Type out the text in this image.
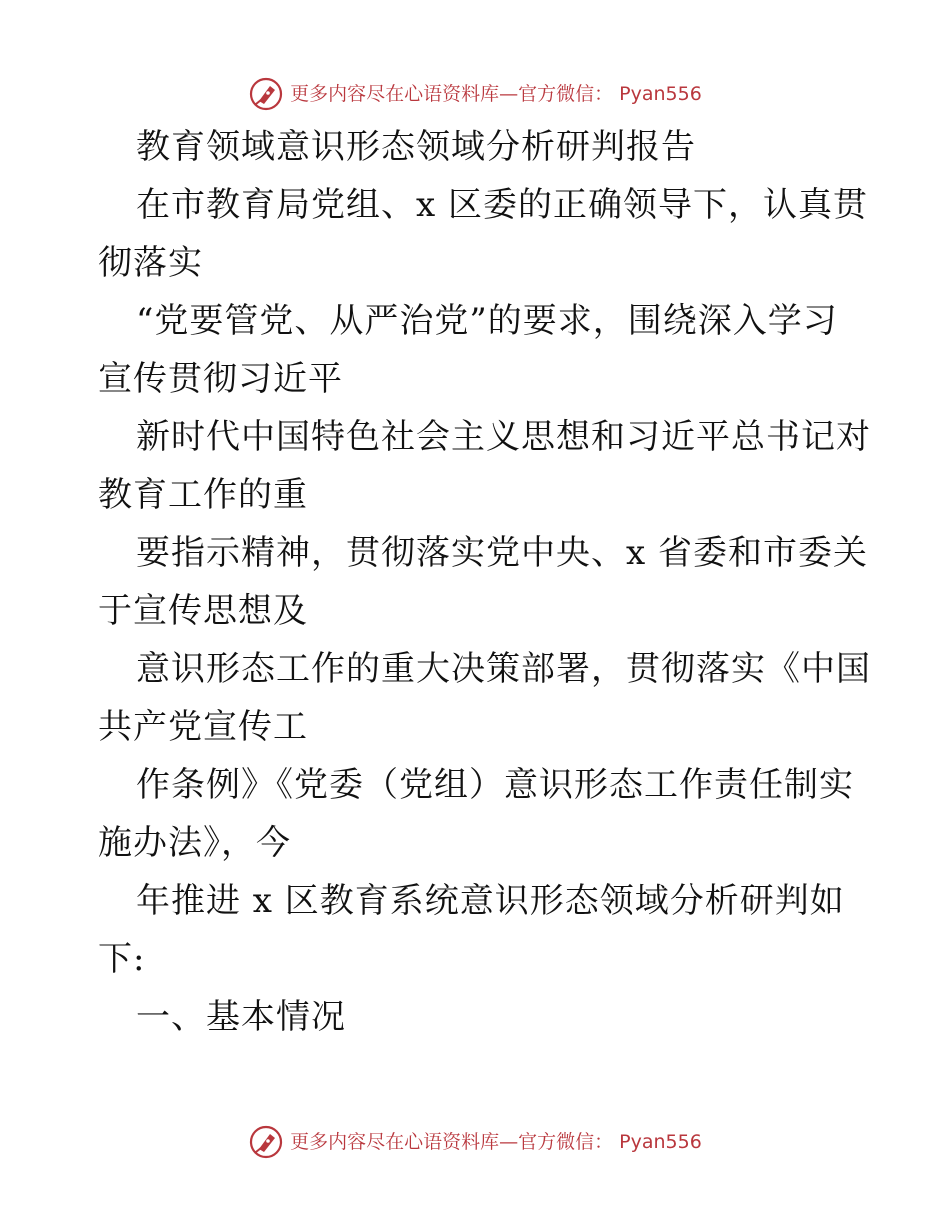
更多内容尽在心语资料库—官方微信： Pyan556
教育领域意识形态领域分析研判报告
在市教育局党组、x 区委的正确领导下，认真贯
彻落实
“党要管党、从严治党”的要求，围绕深入学习
宣传贯彻习近平
新时代中国特色社会主义思想和习近平总书记对
教育工作的重
要指示精神，贯彻落实党中央、x 省委和市委关
于宣传思想及
意识形态工作的重大决策部署，贯彻落实《中国
共产党宣传工
作条例》《党委（党组）意识形态工作责任制实
施办法》，今
年推进 x 区教育系统意识形态领域分析研判如
下:
一、基本情况
更多内容尽在心语资料库—官方微信： Pyan556
